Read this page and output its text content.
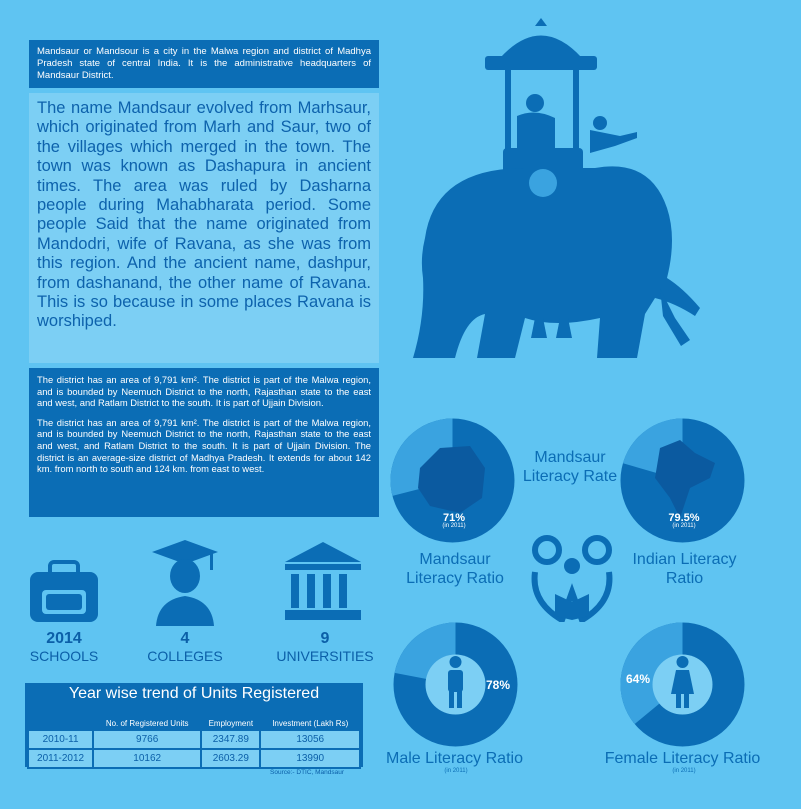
Mandsaur or Mandsour is a city in the Malwa region and district of Madhya Pradesh state of central India. It is the administrative headquarters of Mandsaur District.
The name Mandsaur evolved from Marhsaur, which originated from Marh and Saur, two of the villages which merged in the town. The town was known as Dashapura in ancient times. The area was ruled by Dasharna people during Mahabharata period. Some people Said that the name originated from Mandodri, wife of Ravana, as she was from this region. And the ancient name, dashpur, from dashanand, the other name of Ravana. This is so because in some places Ravana is worshiped.

The district has an area of 9,791 km². The district is part of the Malwa region, and is bounded by Neemuch District to the north, Rajasthan state to the east and west, and Ratlam District to the south. It is part of Ujjain Division.

The district has an area of 9,791 km². The district is part of the Malwa region, and is bounded by Neemuch District to the north, Rajasthan state to the east and west, and Ratlam District to the south. It is part of Ujjain Division. The district is an average-size district of Madhya Pradesh. It extends for about 142 km. from north to south and 124 km. from east to west.

2014
SCHOOLS
4
COLLEGES
9
UNIVERSITIES
Year wise trend of Units Registered
	No. of Registered Units	Employment	Investment (Lakh Rs)
2010-11	9766	2347.89	13056
2011-2012	10162	2603.29	13990
Source:- DTIC, Mandsaur
71%
(in 2011)
79.5%
(in 2011)
Mandsaur Literacy Rate
Mandsaur Literacy Ratio
Indian Literacy Ratio
78%	64%
Male Literacy Ratio
(in 2011)
Female Literacy Ratio
(in 2011)
